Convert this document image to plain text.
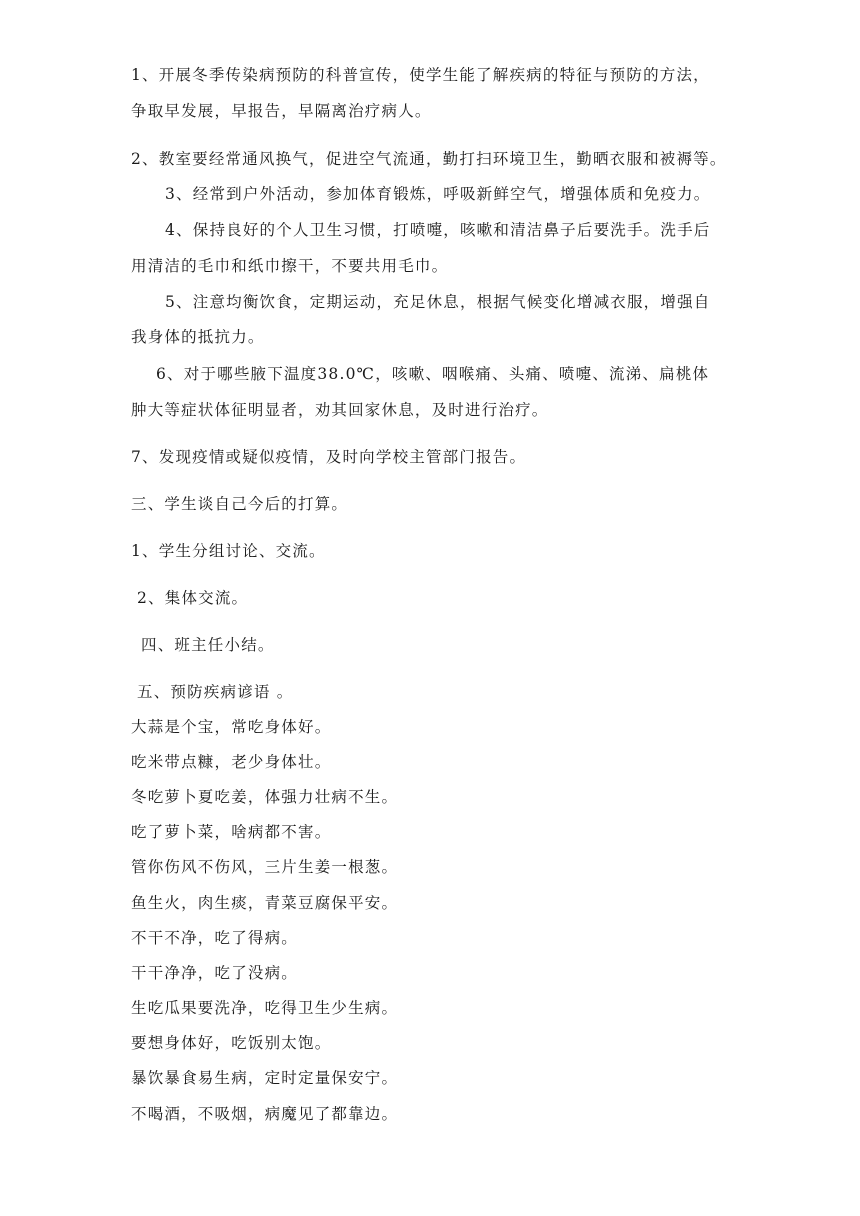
1、开展冬季传染病预防的科普宣传，使学生能了解疾病的特征与预防的方法，
争取早发展，早报告，早隔离治疗病人。
2、教室要经常通风换气，促进空气流通，勤打扫环境卫生，勤晒衣服和被褥等。
3、经常到户外活动，参加体育锻炼，呼吸新鲜空气，增强体质和免疫力。
4、保持良好的个人卫生习惯，打喷嚏，咳嗽和清洁鼻子后要洗手。洗手后
用清洁的毛巾和纸巾擦干，不要共用毛巾。
5、注意均衡饮食，定期运动，充足休息，根据气候变化增减衣服，增强自
我身体的抵抗力。
6、对于哪些腋下温度38.0℃，咳嗽、咽喉痛、头痛、喷嚏、流涕、扁桃体
肿大等症状体征明显者，劝其回家休息，及时进行治疗。
7、发现疫情或疑似疫情，及时向学校主管部门报告。
三、学生谈自己今后的打算。
1、学生分组讨论、交流。
2、集体交流。
四、班主任小结。
五、预防疾病谚语 。
大蒜是个宝，常吃身体好。
吃米带点糠，老少身体壮。
冬吃萝卜夏吃姜，体强力壮病不生。
吃了萝卜菜，啥病都不害。
管你伤风不伤风，三片生姜一根葱。
鱼生火，肉生痰，青菜豆腐保平安。
不干不净，吃了得病。
干干净净，吃了没病。
生吃瓜果要洗净，吃得卫生少生病。
要想身体好，吃饭别太饱。
暴饮暴食易生病，定时定量保安宁。
不喝酒，不吸烟，病魔见了都靠边。
